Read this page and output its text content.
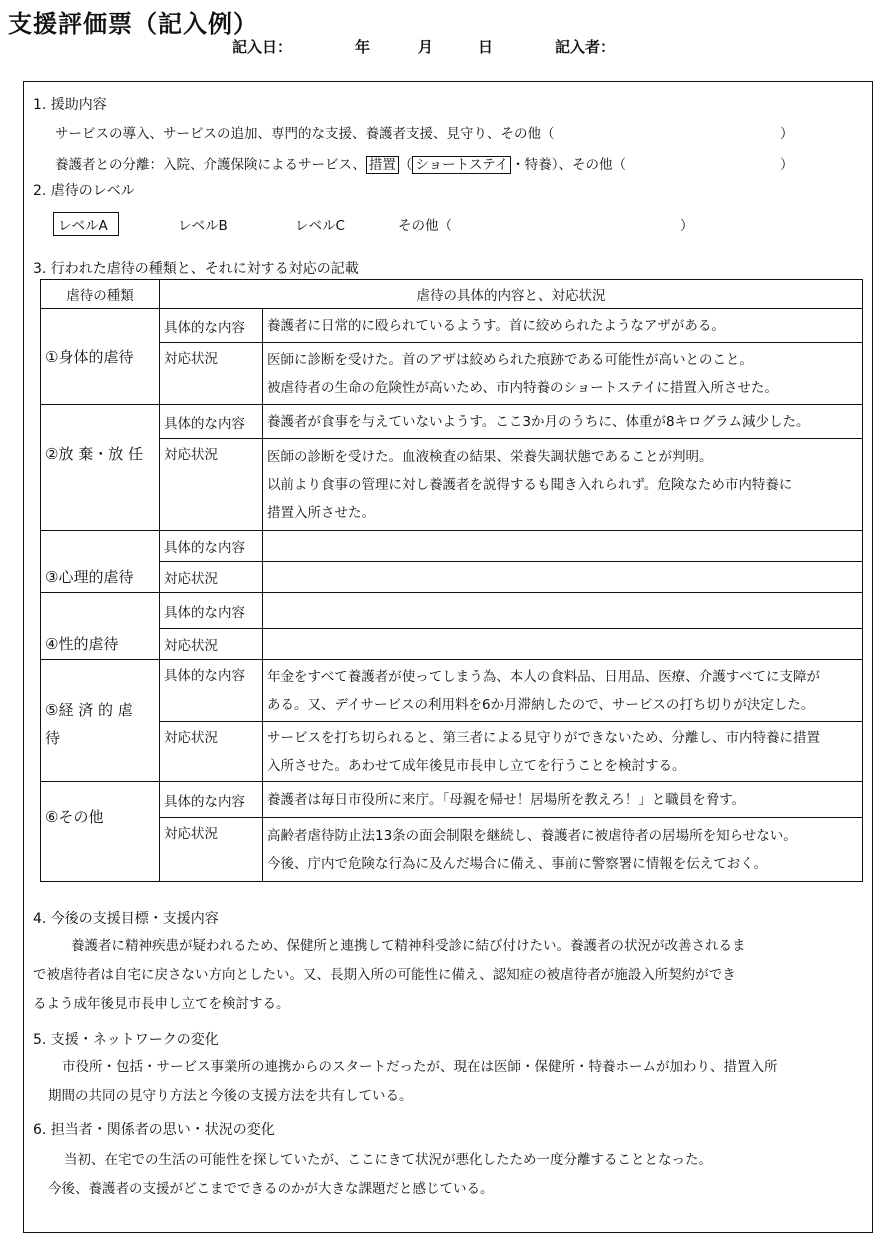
支援評価票（記入例）
記入日：	年	月	日	記入者：
1. 援助内容
サービスの導入、サービスの追加、専門的な支援、養護者支援、見守り、その他（	）
養護者との分離：入院、介護保険によるサービス、 措置 （ ショートステイ ・特養）、その他（	）
2. 虐待のレベル
レベルA	レベルB	レベルC	その他（	）
3. 行われた虐待の種類と、それに対する対応の記載
虐待の種類	虐待の具体的内容と、対応状況	
①身体的虐待	具体的な内容	養護者に日常的に殴られているようす。首に絞められたようなアザがある。

	対応状況	医師に診断を受けた。首のアザは絞められた痕跡である可能性が高いとのこと。
被虐待者の生命の危険性が高いため、市内特養のショートステイに措置入所させた。

②放 棄・放 任	具体的な内容	養護者が食事を与えていないようす。ここ3か月のうちに、体重が8キログラム減少した。

	対応状況	医師の診断を受けた。血液検査の結果、栄養失調状態であることが判明。
以前より食事の管理に対し養護者を説得するも聞き入れられず。危険なため市内特養に
措置入所させた。

③心理的虐待	具体的な内容	
	対応状況	
④性的虐待	具体的な内容	
	対応状況	

⑤経 済 的 虐
待	具体的な内容	年金をすべて養護者が使ってしまう為、本人の食料品、日用品、医療、介護すべてに支障が
ある。又、デイサービスの利用料を6か月滞納したので、サービスの打ち切りが決定した。

	対応状況	サービスを打ち切られると、第三者による見守りができないため、分離し、市内特養に措置
入所させた。あわせて成年後見市長申し立てを行うことを検討する。

⑥その他	具体的な内容	養護者は毎日市役所に来庁。「母親を帰せ！居場所を教えろ！」と職員を脅す。

	対応状況	高齢者虐待防止法13条の面会制限を継続し、養護者に被虐待者の居場所を知らせない。
今後、庁内で危険な行為に及んだ場合に備え、事前に警察署に情報を伝えておく。
4. 今後の支援目標・支援内容
養護者に精神疾患が疑われるため、保健所と連携して精神科受診に結び付けたい。養護者の状況が改善されるま
で被虐待者は自宅に戻さない方向としたい。又、長期入所の可能性に備え、認知症の被虐待者が施設入所契約ができ
るよう成年後見市長申し立てを検討する。
5. 支援・ネットワークの変化
市役所・包括・サービス事業所の連携からのスタートだったが、現在は医師・保健所・特養ホームが加わり、措置入所
期間の共同の見守り方法と今後の支援方法を共有している。
6. 担当者・関係者の思い・状況の変化
当初、在宅での生活の可能性を探していたが、ここにきて状況が悪化したため一度分離することとなった。
今後、養護者の支援がどこまでできるのかが大きな課題だと感じている。
